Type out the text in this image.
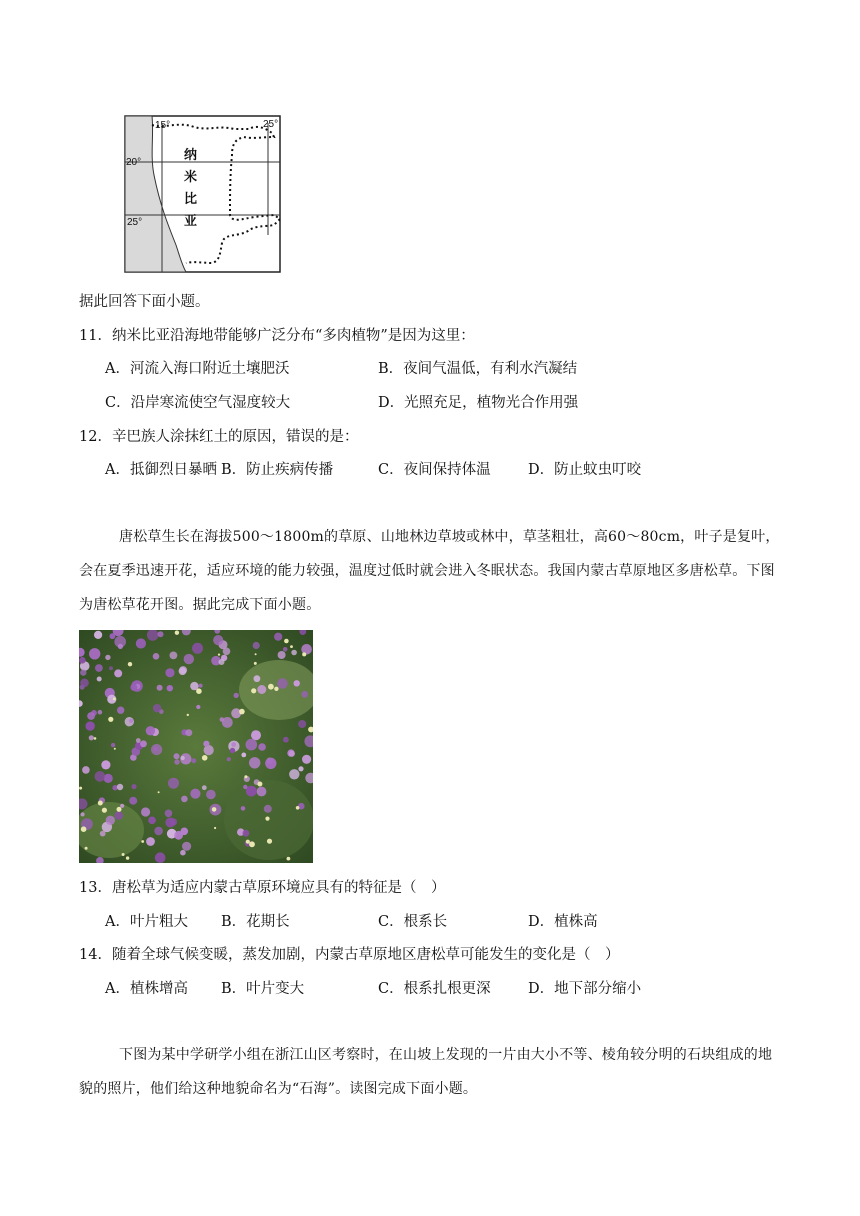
15°	25°
20°
25°
纳
米
比
亚
据此回答下面小题。
11．纳米比亚沿海地带能够广泛分布“多肉植物”是因为这里：
A．河流入海口附近土壤肥沃	B．夜间气温低，有利水汽凝结
C．沿岸寒流使空气湿度较大	D．光照充足，植物光合作用强
12．辛巴族人涂抹红土的原因，错误的是：
A．抵御烈日暴晒 B．防止疾病传播	C．夜间保持体温	D．防止蚊虫叮咬
唐松草生长在海拔500～1800m的草原、山地林边草坡或林中，草茎粗壮，高60～80cm，叶子是复叶，会在夏季迅速开花，适应环境的能力较强，温度过低时就会进入冬眠状态。我国内蒙古草原地区多唐松草。下图为唐松草花开图。据此完成下面小题。
13．唐松草为适应内蒙古草原环境应具有的特征是（　）
A．叶片粗大 B．花期长	C．根系长	D．植株高
14．随着全球气候变暖，蒸发加剧，内蒙古草原地区唐松草可能发生的变化是（　）
A．植株增高 B．叶片变大	C．根系扎根更深	D．地下部分缩小
下图为某中学研学小组在浙江山区考察时，在山坡上发现的一片由大小不等、棱角较分明的石块组成的地貌的照片，他们给这种地貌命名为“石海”。读图完成下面小题。
